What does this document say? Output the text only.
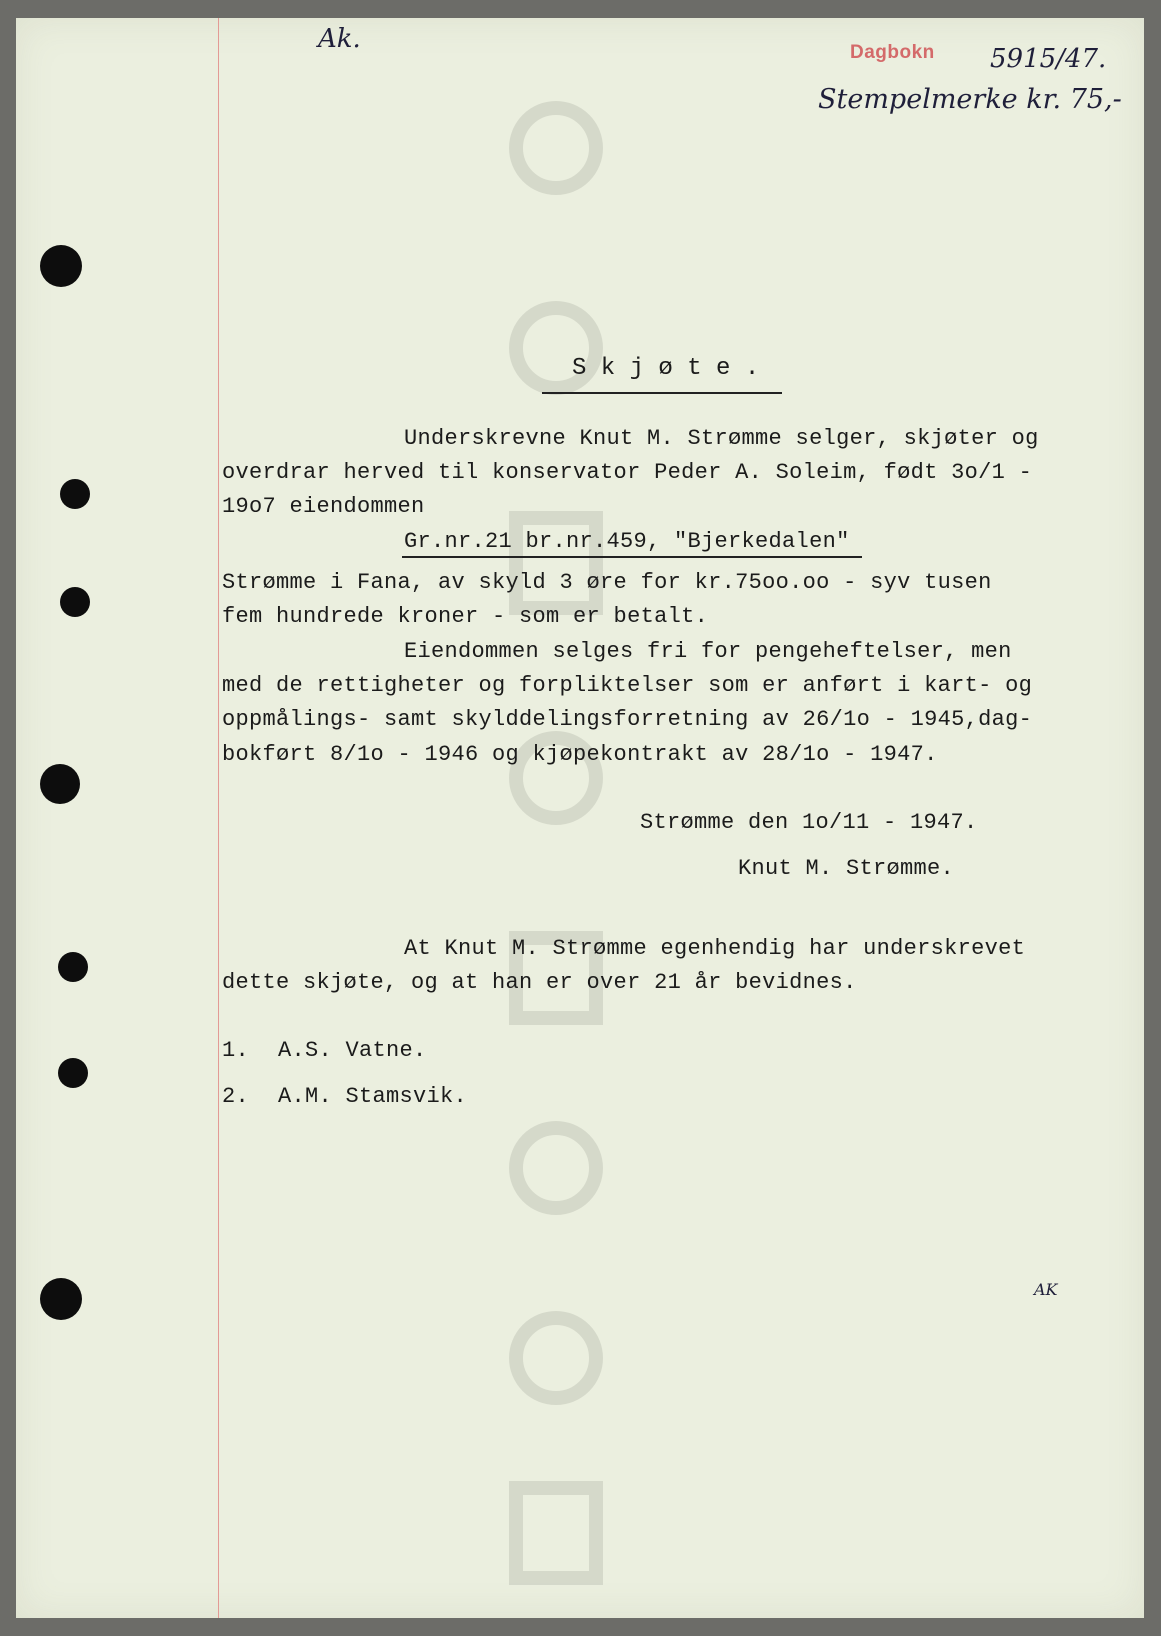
Ak.	Dagbokn 5915/47.
Stempelmerke kr. 75,-
AK
S k j ø t e .
Underskrevne Knut M. Strømme selger, skjøter og
overdrar herved til konservator Peder A. Soleim, født 3o/1 -
19o7 eiendommen
Gr.nr.21 br.nr.459, "Bjerkedalen"
Strømme i Fana, av skyld 3 øre for kr.75oo.oo - syv tusen
fem hundrede kroner - som er betalt.
Eiendommen selges fri for pengeheftelser, men
med de rettigheter og forpliktelser som er anført i kart- og
oppmålings- samt skylddelingsforretning av 26/1o - 1945,dag-
bokført 8/1o - 1946 og kjøpekontrakt av 28/1o - 1947.
Strømme den 1o/11 - 1947.
Knut M. Strømme.
At Knut M. Strømme egenhendig har underskrevet
dette skjøte, og at han er over 21 år bevidnes.
1. A.S. Vatne.
2. A.M. Stamsvik.
